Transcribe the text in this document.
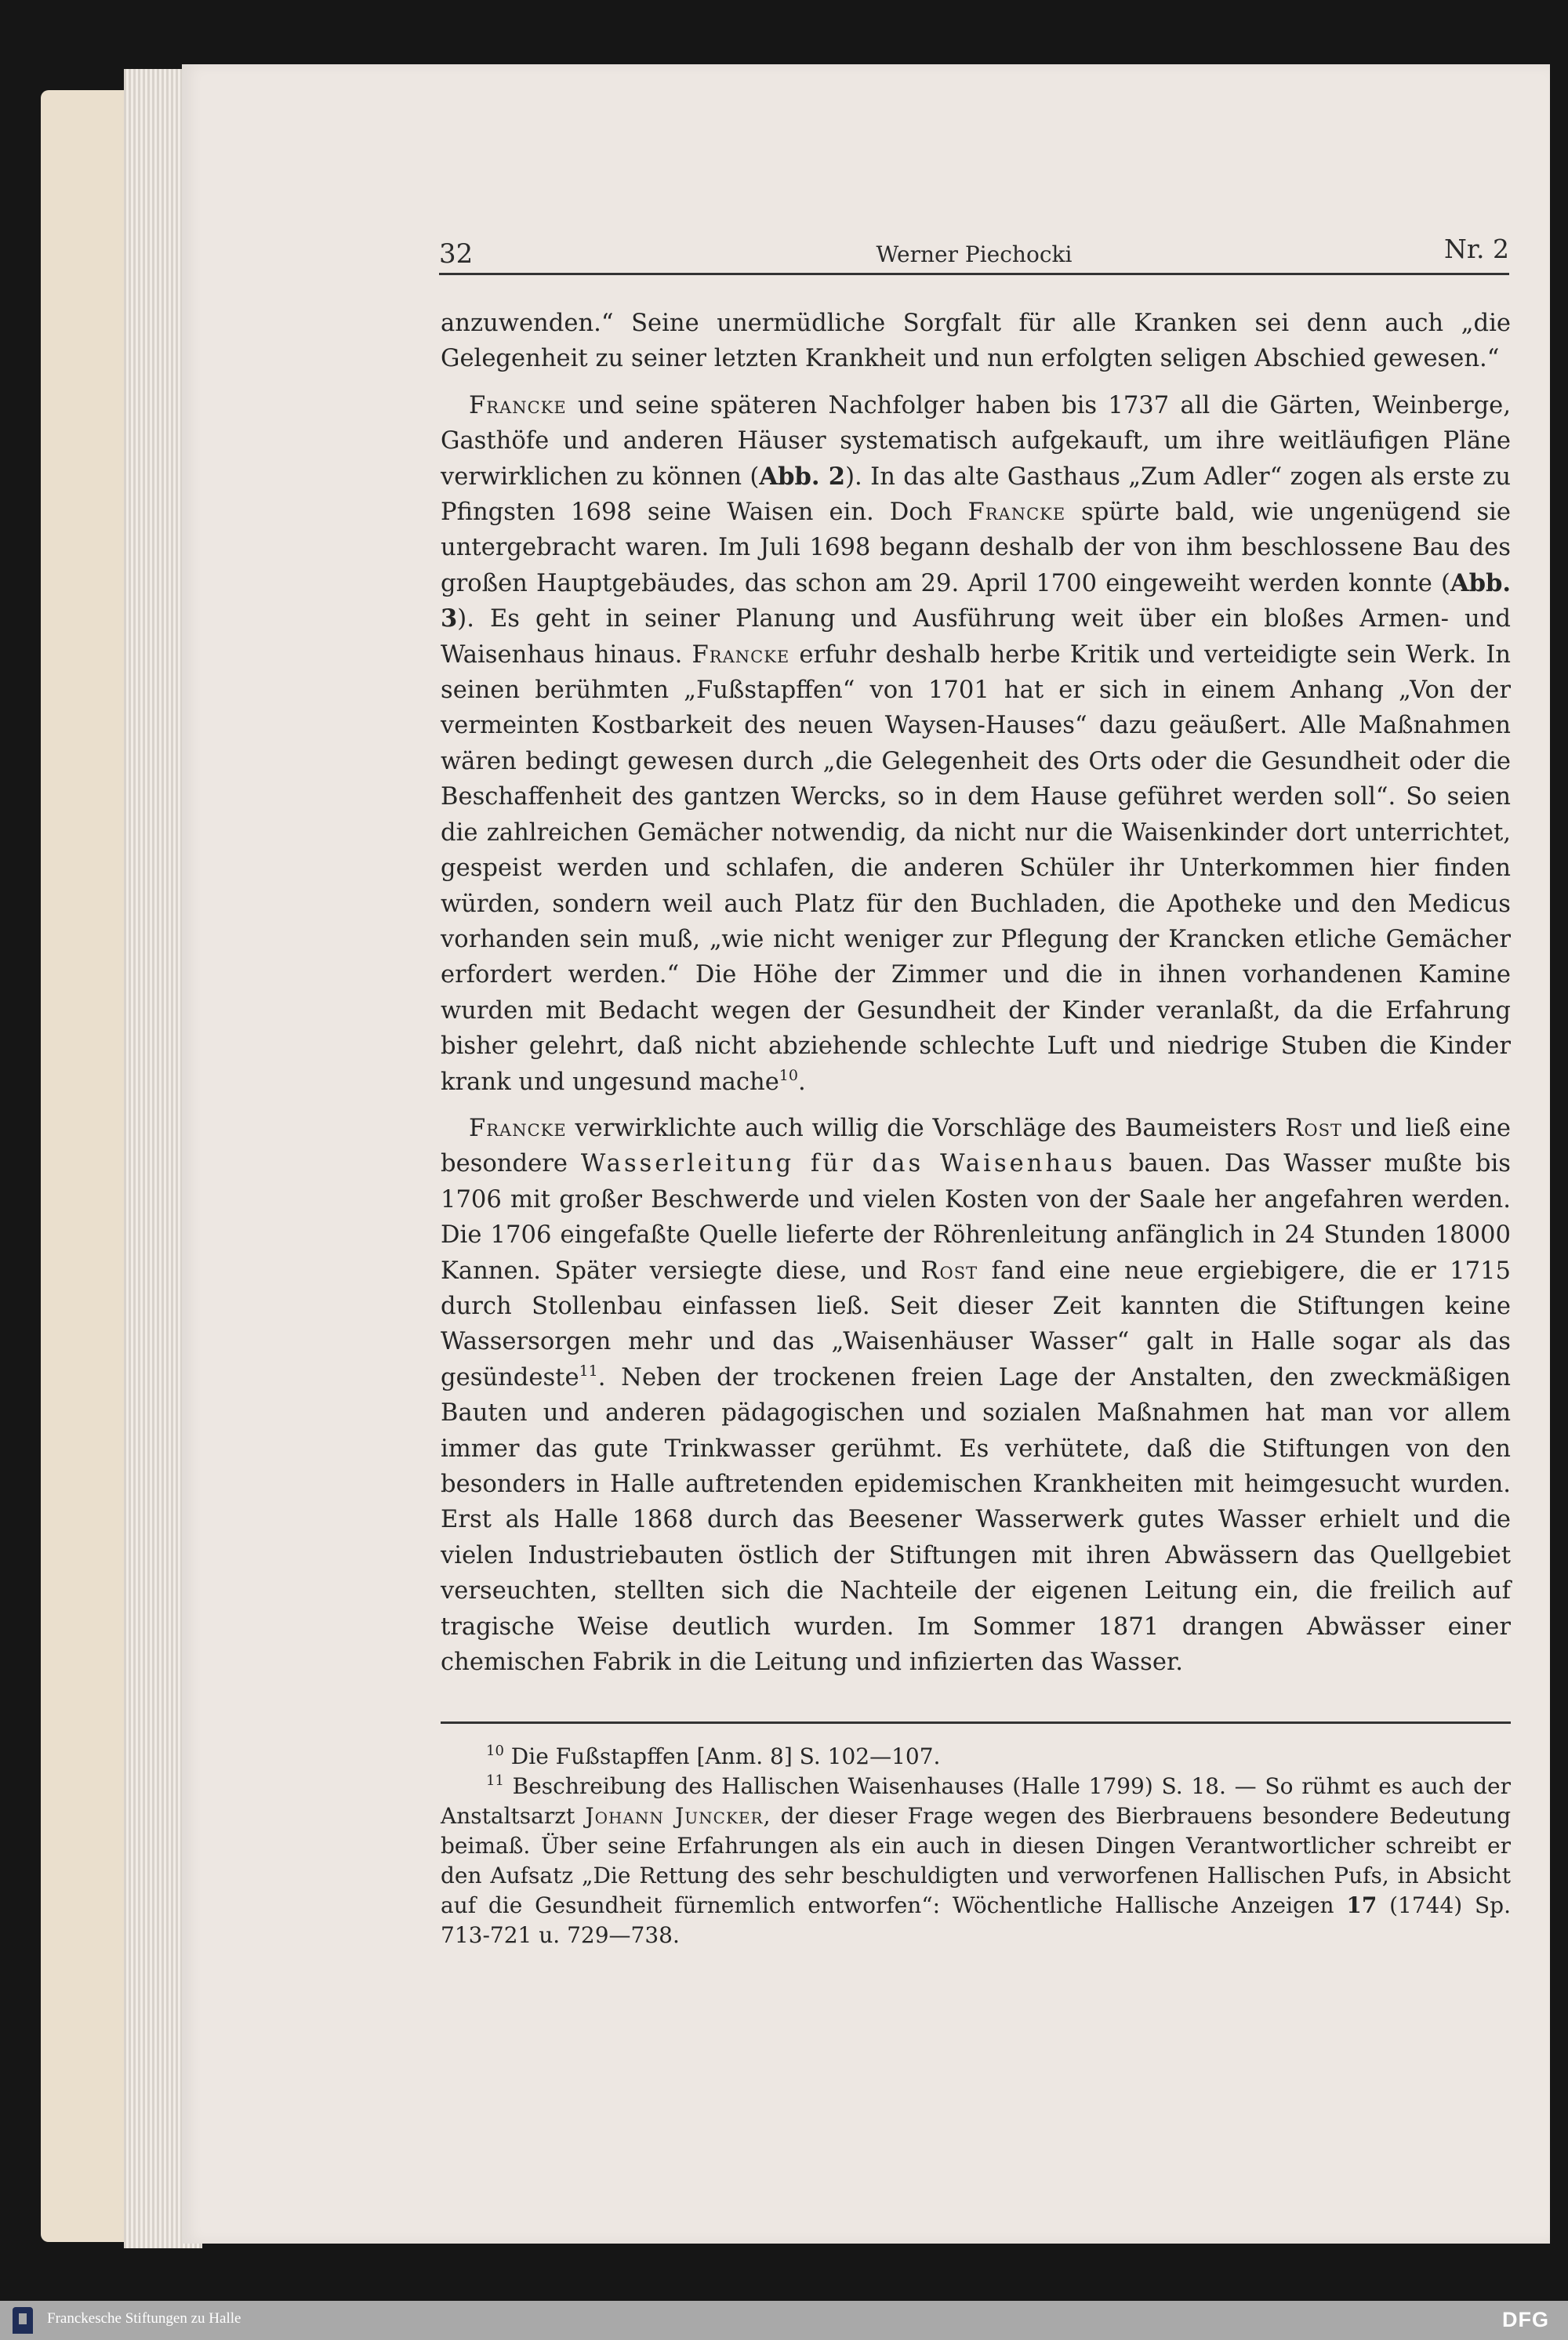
32	Werner Piechocki	Nr. 2

anzuwenden.“ Seine unermüdliche Sorgfalt für alle Kranken sei denn auch „die Gelegenheit zu seiner letzten Krankheit und nun erfolgten seligen Abschied gewesen.“

Francke und seine späteren Nachfolger haben bis 1737 all die Gärten, Weinberge, Gasthöfe und anderen Häuser systematisch aufgekauft, um ihre weitläufigen Pläne verwirklichen zu können (Abb. 2). In das alte Gasthaus „Zum Adler“ zogen als erste zu Pfingsten 1698 seine Waisen ein. Doch Francke spürte bald, wie ungenügend sie untergebracht waren. Im Juli 1698 begann deshalb der von ihm beschlossene Bau des großen Hauptgebäudes, das schon am 29. April 1700 eingeweiht werden konnte (Abb. 3). Es geht in seiner Planung und Ausführung weit über ein bloßes Armen- und Waisenhaus hinaus. Francke erfuhr deshalb herbe Kritik und verteidigte sein Werk. In seinen berühmten „Fußstapffen“ von 1701 hat er sich in einem Anhang „Von der vermeinten Kostbarkeit des neuen Waysen-Hauses“ dazu geäußert. Alle Maßnahmen wären bedingt gewesen durch „die Gelegenheit des Orts oder die Gesundheit oder die Beschaffenheit des gantzen Wercks, so in dem Hause geführet werden soll“. So seien die zahlreichen Gemächer notwendig, da nicht nur die Waisenkinder dort unterrichtet, gespeist werden und schlafen, die anderen Schüler ihr Unterkommen hier finden würden, sondern weil auch Platz für den Buchladen, die Apotheke und den Medicus vorhanden sein muß, „wie nicht weniger zur Pflegung der Krancken etliche Gemächer erfordert werden.“ Die Höhe der Zimmer und die in ihnen vorhandenen Kamine wurden mit Bedacht wegen der Gesundheit der Kinder veranlaßt, da die Erfahrung bisher gelehrt, daß nicht abziehende schlechte Luft und niedrige Stuben die Kinder krank und ungesund mache$^{10}$.

Francke verwirklichte auch willig die Vorschläge des Baumeisters Rost und ließ eine besondere Wasserleitung für das Waisenhaus bauen. Das Wasser mußte bis 1706 mit großer Beschwerde und vielen Kosten von der Saale her angefahren werden. Die 1706 eingefaßte Quelle lieferte der Röhrenleitung anfänglich in 24 Stunden 18000 Kannen. Später versiegte diese, und Rost fand eine neue ergiebigere, die er 1715 durch Stollenbau einfassen ließ. Seit dieser Zeit kannten die Stiftungen keine Wassersorgen mehr und das „Waisenhäuser Wasser“ galt in Halle sogar als das gesündeste$^{11}$. Neben der trockenen freien Lage der Anstalten, den zweckmäßigen Bauten und anderen pädagogischen und sozialen Maßnahmen hat man vor allem immer das gute Trinkwasser gerühmt. Es verhütete, daß die Stiftungen von den besonders in Halle auftretenden epidemischen Krankheiten mit heimgesucht wurden. Erst als Halle 1868 durch das Beesener Wasserwerk gutes Wasser erhielt und die vielen Industriebauten östlich der Stiftungen mit ihren Abwässern das Quellgebiet verseuchten, stellten sich die Nachteile der eigenen Leitung ein, die freilich auf tragische Weise deutlich wurden. Im Sommer 1871 drangen Abwässer einer chemischen Fabrik in die Leitung und infizierten das Wasser.

$^{10}$ Die Fußstapffen [Anm. 8] S. 102—107.

$^{11}$ Beschreibung des Hallischen Waisenhauses (Halle 1799) S. 18. — So rühmt es auch der Anstaltsarzt Johann Juncker, der dieser Frage wegen des Bierbrauens besondere Bedeutung beimaß. Über seine Erfahrungen als ein auch in diesen Dingen Verantwortlicher schreibt er den Aufsatz „Die Rettung des sehr beschuldigten und verworfenen Hallischen Pufs, in Absicht auf die Gesundheit fürnemlich entworfen“: Wöchentliche Hallische Anzeigen 17 (1744) Sp. 713-721 u. 729—738.

Franckesche Stiftungen zu Halle	DFG
